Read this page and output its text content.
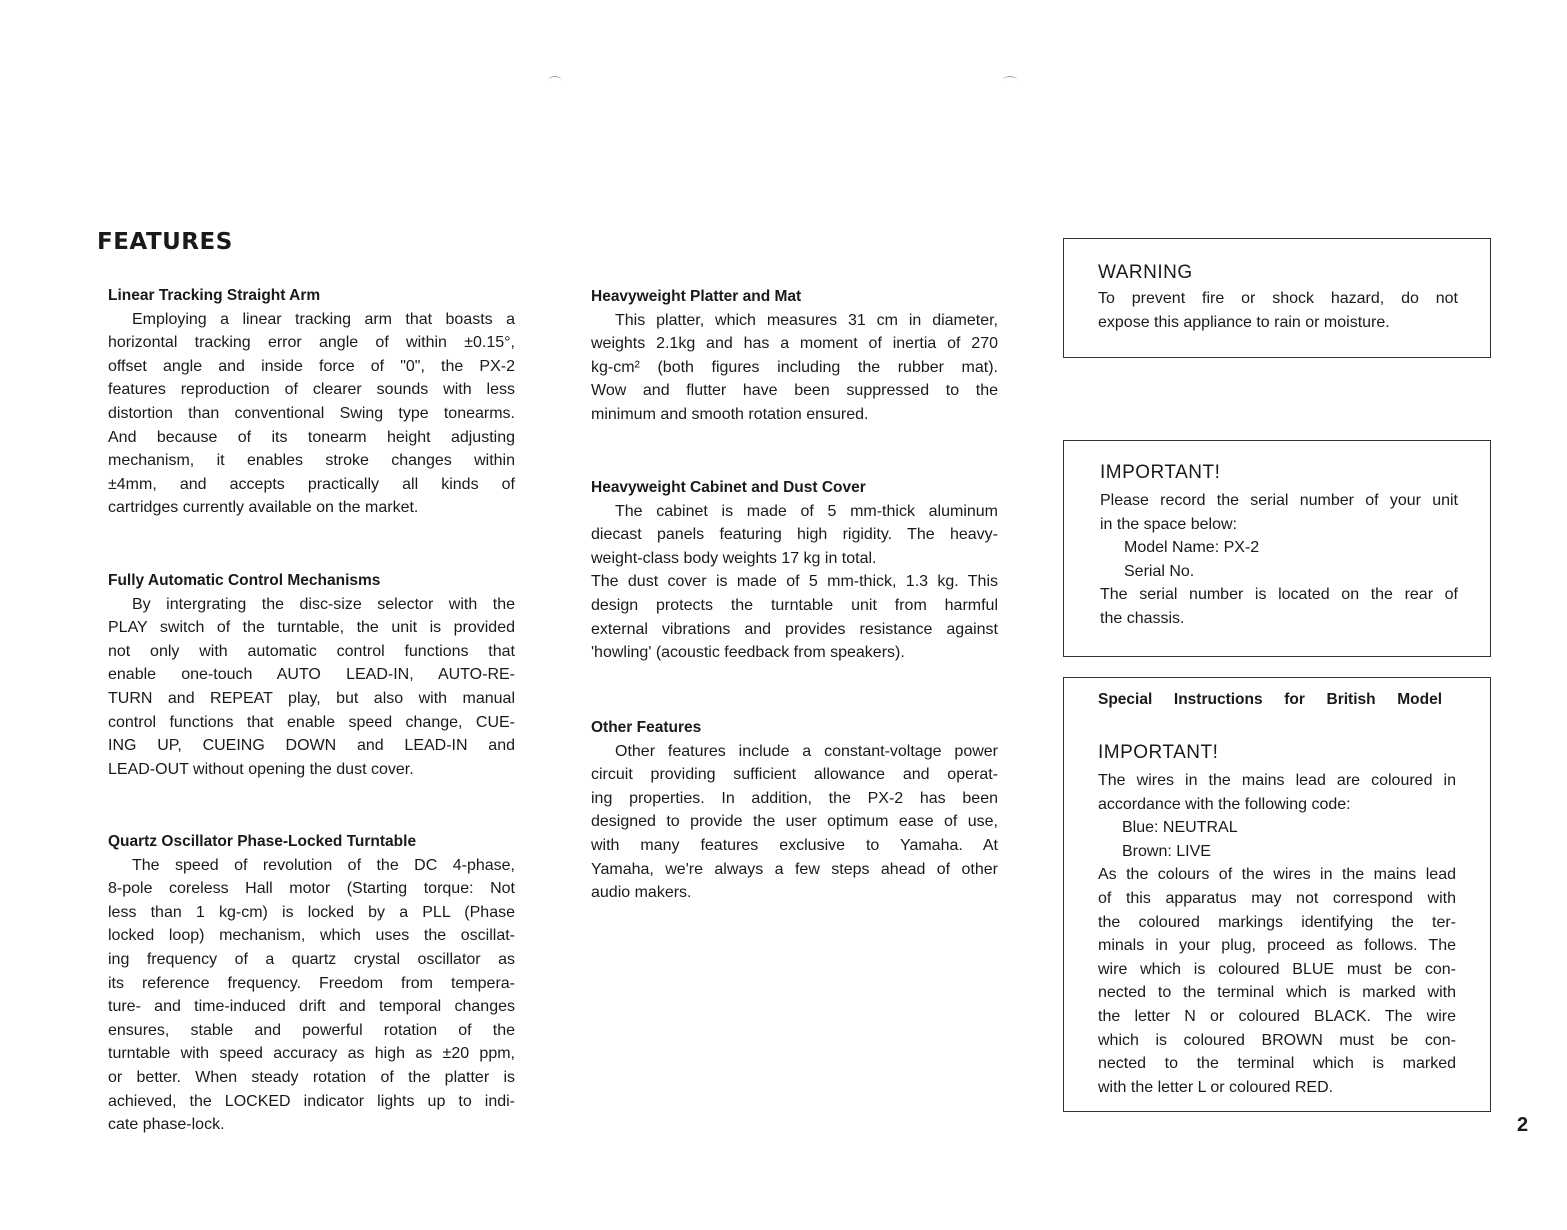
FEATURES
Linear Tracking Straight Arm
Employing a linear tracking arm that boasts a
horizontal tracking error angle of within ±0.15°,
offset angle and inside force of "0", the PX-2
features reproduction of clearer sounds with less
distortion than conventional Swing type tonearms.
And because of its tonearm height adjusting
mechanism, it enables stroke changes within
±4mm, and accepts practically all kinds of
cartridges currently available on the market.
Fully Automatic Control Mechanisms
By intergrating the disc-size selector with the
PLAY switch of the turntable, the unit is provided
not only with automatic control functions that
enable one-touch AUTO LEAD-IN, AUTO-RE-
TURN and REPEAT play, but also with manual
control functions that enable speed change, CUE-
ING UP, CUEING DOWN and LEAD-IN and
LEAD-OUT without opening the dust cover.
Quartz Oscillator Phase-Locked Turntable
The speed of revolution of the DC 4-phase,
8-pole coreless Hall motor (Starting torque: Not
less than 1 kg-cm) is locked by a PLL (Phase
locked loop) mechanism, which uses the oscillat-
ing frequency of a quartz crystal oscillator as
its reference frequency. Freedom from tempera-
ture- and time-induced drift and temporal changes
ensures, stable and powerful rotation of the
turntable with speed accuracy as high as ±20 ppm,
or better. When steady rotation of the platter is
achieved, the LOCKED indicator lights up to indi-
cate phase-lock.
Heavyweight Platter and Mat
This platter, which measures 31 cm in diameter,
weights 2.1kg and has a moment of inertia of 270
kg-cm² (both figures including the rubber mat).
Wow and flutter have been suppressed to the
minimum and smooth rotation ensured.
Heavyweight Cabinet and Dust Cover
The cabinet is made of 5 mm-thick aluminum
diecast panels featuring high rigidity. The heavy-
weight-class body weights 17 kg in total.
The dust cover is made of 5 mm-thick, 1.3 kg. This
design protects the turntable unit from harmful
external vibrations and provides resistance against
'howling' (acoustic feedback from speakers).
Other Features
Other features include a constant-voltage power
circuit providing sufficient allowance and operat-
ing properties. In addition, the PX-2 has been
designed to provide the user optimum ease of use,
with many features exclusive to Yamaha. At
Yamaha, we're always a few steps ahead of other
audio makers.
WARNING
To prevent fire or shock hazard, do not
expose this appliance to rain or moisture.
IMPORTANT!
Please record the serial number of your unit
in the space below:
Model Name: PX-2
Serial No.
The serial number is located on the rear of
the chassis.
Special Instructions for British Model
IMPORTANT!
The wires in the mains lead are coloured in
accordance with the following code:
Blue: NEUTRAL
Brown: LIVE
As the colours of the wires in the mains lead
of this apparatus may not correspond with
the coloured markings identifying the ter-
minals in your plug, proceed as follows. The
wire which is coloured BLUE must be con-
nected to the terminal which is marked with
the letter N or coloured BLACK. The wire
which is coloured BROWN must be con-
nected to the terminal which is marked
with the letter L or coloured RED.
2
